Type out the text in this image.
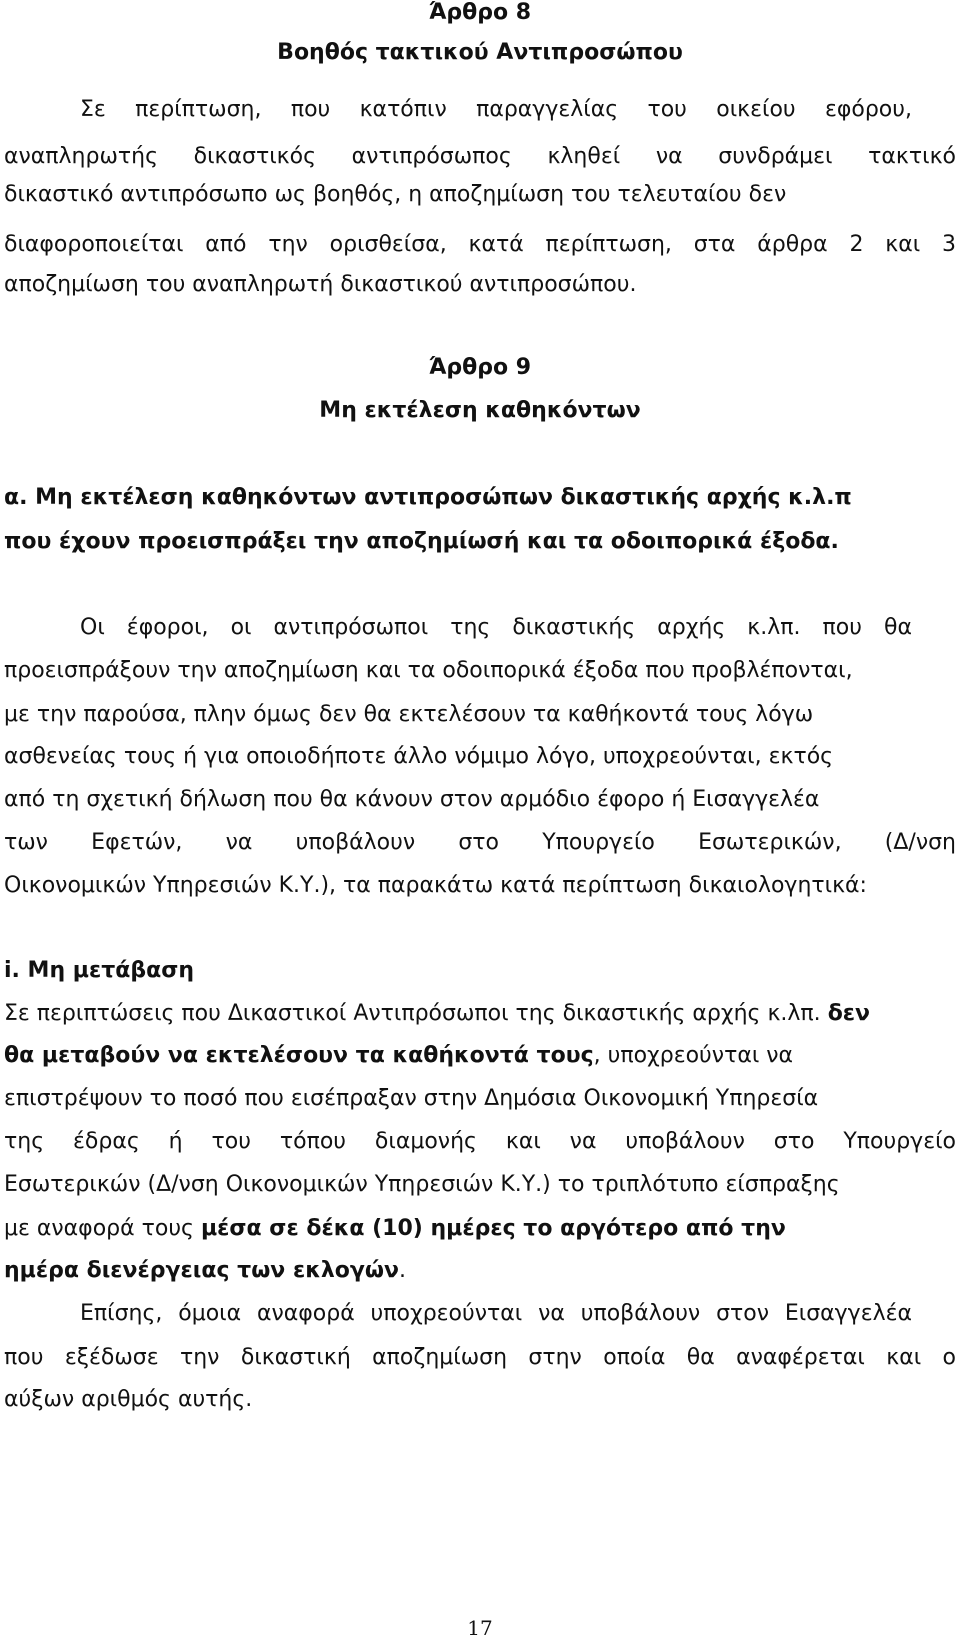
Άρθρο 8
Βοηθός τακτικού Αντιπροσώπου
Σε περίπτωση, που κατόπιν παραγγελίας του οικείου εφόρου,
αναπληρωτής δικαστικός αντιπρόσωπος κληθεί να συνδράμει τακτικό
δικαστικό αντιπρόσωπο ως βοηθός, η αποζημίωση του τελευταίου δεν
διαφοροποιείται από την ορισθείσα, κατά περίπτωση, στα άρθρα 2 και 3
αποζημίωση του αναπληρωτή δικαστικού αντιπροσώπου.
Άρθρο 9
Μη εκτέλεση καθηκόντων
α. Μη εκτέλεση καθηκόντων αντιπροσώπων δικαστικής αρχής κ.λ.π
που έχουν προεισπράξει την αποζημίωσή και τα οδοιπορικά έξοδα.
Οι έφοροι, οι αντιπρόσωποι της δικαστικής αρχής κ.λπ. που θα
προεισπράξουν την αποζημίωση και τα οδοιπορικά έξοδα που προβλέπονται,
με την παρούσα, πλην όμως δεν θα εκτελέσουν τα καθήκοντά τους λόγω
ασθενείας τους ή για οποιοδήποτε άλλο νόμιμο λόγο, υποχρεούνται, εκτός
από τη σχετική δήλωση που θα κάνουν στον αρμόδιο έφορο ή Εισαγγελέα
των Εφετών, να υποβάλουν στο Υπουργείο Εσωτερικών, (Δ/νση
Οικονομικών Υπηρεσιών Κ.Υ.), τα παρακάτω κατά περίπτωση δικαιολογητικά:
i. Μη μετάβαση
Σε περιπτώσεις που Δικαστικοί Αντιπρόσωποι της δικαστικής αρχής κ.λπ. δεν
θα μεταβούν να εκτελέσουν τα καθήκοντά τους, υποχρεούνται να
επιστρέψουν το ποσό που εισέπραξαν στην Δημόσια Οικονομική Υπηρεσία
της έδρας ή του τόπου διαμονής και να υποβάλουν στο Υπουργείο
Εσωτερικών (Δ/νση Οικονομικών Υπηρεσιών Κ.Υ.) το τριπλότυπο είσπραξης
με αναφορά τους μέσα σε δέκα (10) ημέρες το αργότερο από την
ημέρα διενέργειας των εκλογών.
Επίσης, όμοια αναφορά υποχρεούνται να υποβάλουν στον Εισαγγελέα
που εξέδωσε την δικαστική αποζημίωση στην οποία θα αναφέρεται και ο
αύξων αριθμός αυτής.
17
